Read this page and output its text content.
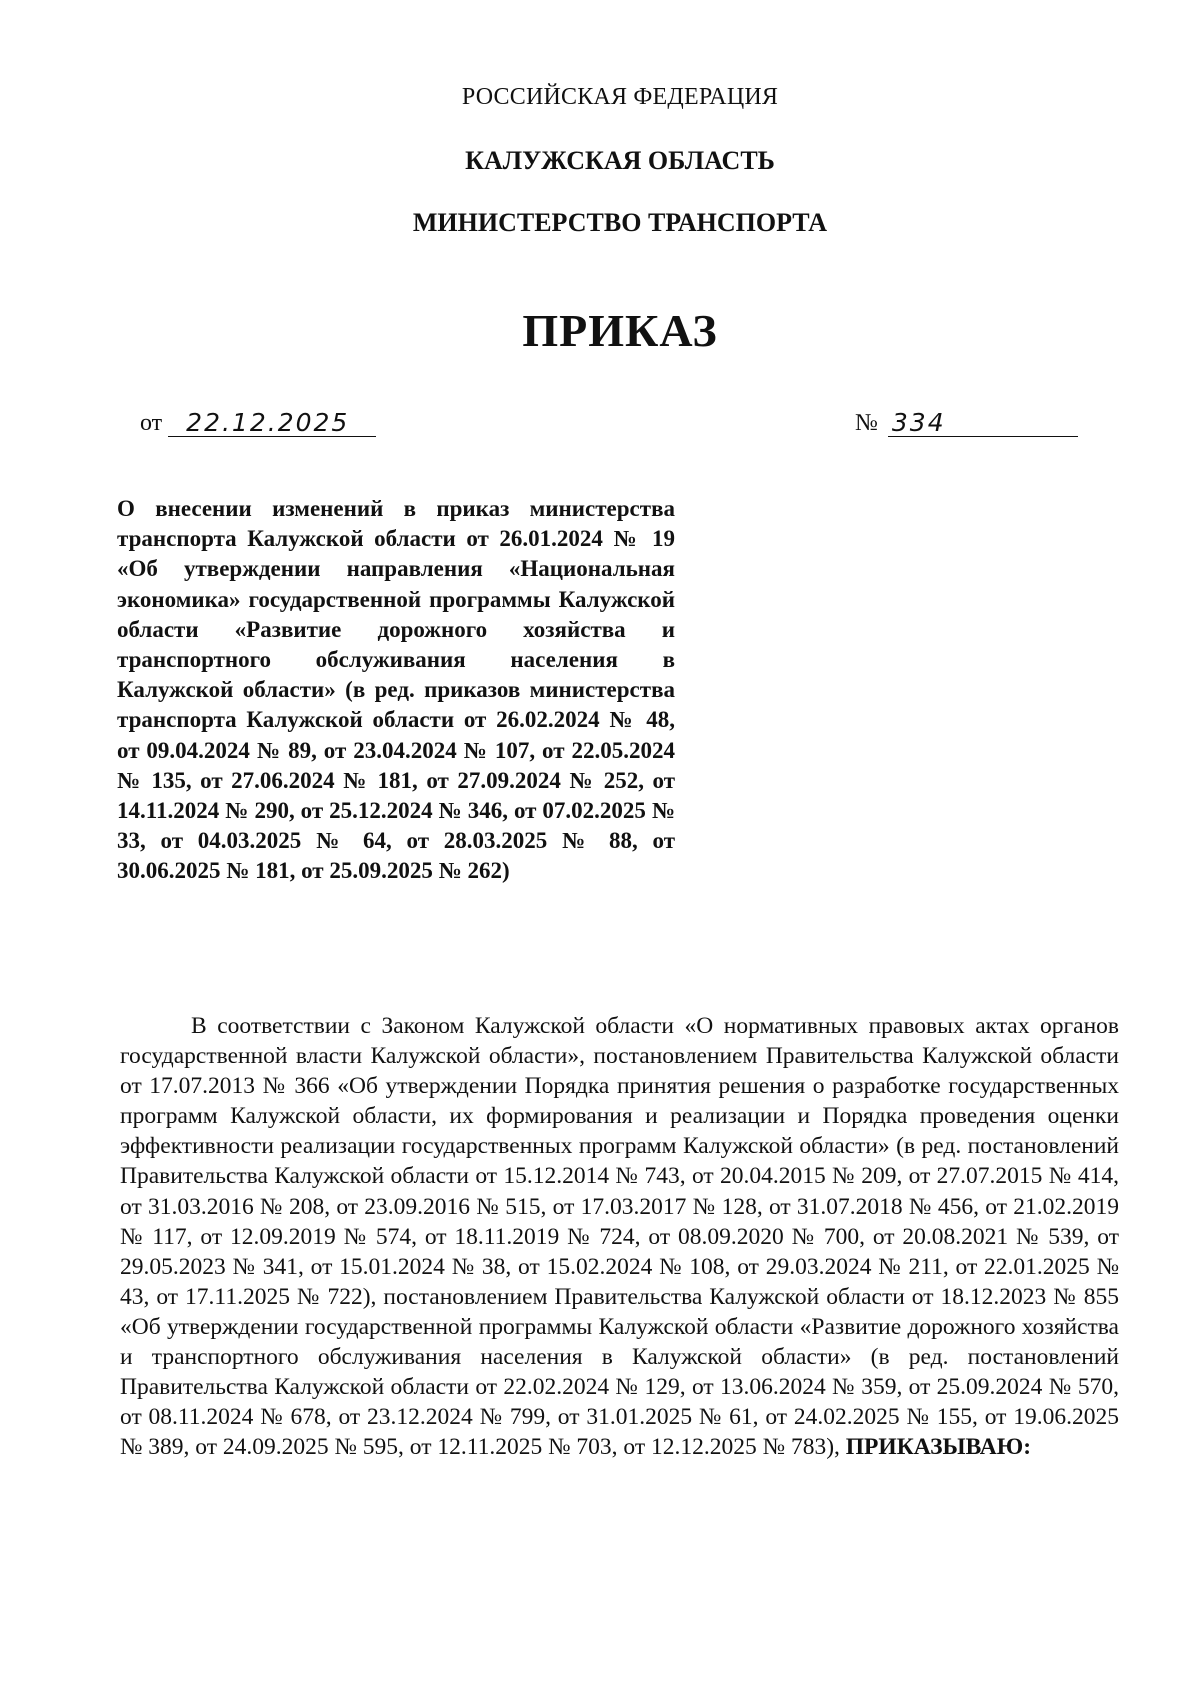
РОССИЙСКАЯ ФЕДЕРАЦИЯ
КАЛУЖСКАЯ ОБЛАСТЬ
МИНИСТЕРСТВО ТРАНСПОРТА
ПРИКАЗ
от 22.12.2025	№ 334

О внесении изменений в приказ министерства транспорта Калужской области от 26.01.2024 № 19 «Об утверждении направления «Национальная экономика» государственной программы Калужской области «Развитие дорожного хозяйства и транспортного обслуживания населения в Калужской области» (в ред. приказов министерства транспорта Калужской области от 26.02.2024 № 48, от 09.04.2024 № 89, от 23.04.2024 № 107, от 22.05.2024 № 135, от 27.06.2024 № 181, от 27.09.2024 № 252, от 14.11.2024 № 290, от 25.12.2024 № 346, от 07.02.2025 № 33, от 04.03.2025 № 64, от 28.03.2025 № 88, от 30.06.2025 № 181, от 25.09.2025 № 262)

В соответствии с Законом Калужской области «О нормативных правовых актах органов государственной власти Калужской области», постановлением Правительства Калужской области от 17.07.2013 № 366 «Об утверждении Порядка принятия решения о разработке государственных программ Калужской области, их формирования и реализации и Порядка проведения оценки эффективности реализации государственных программ Калужской области» (в ред. постановлений Правительства Калужской области от 15.12.2014 № 743, от 20.04.2015 № 209, от 27.07.2015 № 414, от 31.03.2016 № 208, от 23.09.2016 № 515, от 17.03.2017 № 128, от 31.07.2018 № 456, от 21.02.2019 № 117, от 12.09.2019 № 574, от 18.11.2019 № 724, от 08.09.2020 № 700, от 20.08.2021 № 539, от 29.05.2023 № 341, от 15.01.2024 № 38, от 15.02.2024 № 108, от 29.03.2024 № 211, от 22.01.2025 № 43, от 17.11.2025 № 722), постановлением Правительства Калужской области от 18.12.2023 № 855 «Об утверждении государственной программы Калужской области «Развитие дорожного хозяйства и транспортного обслуживания населения в Калужской области» (в ред. постановлений Правительства Калужской области от 22.02.2024 № 129, от 13.06.2024 № 359, от 25.09.2024 № 570, от 08.11.2024 № 678, от 23.12.2024 № 799, от 31.01.2025 № 61, от 24.02.2025 № 155, от 19.06.2025 № 389, от 24.09.2025 № 595, от 12.11.2025 № 703, от 12.12.2025 № 783), ПРИКАЗЫВАЮ:
